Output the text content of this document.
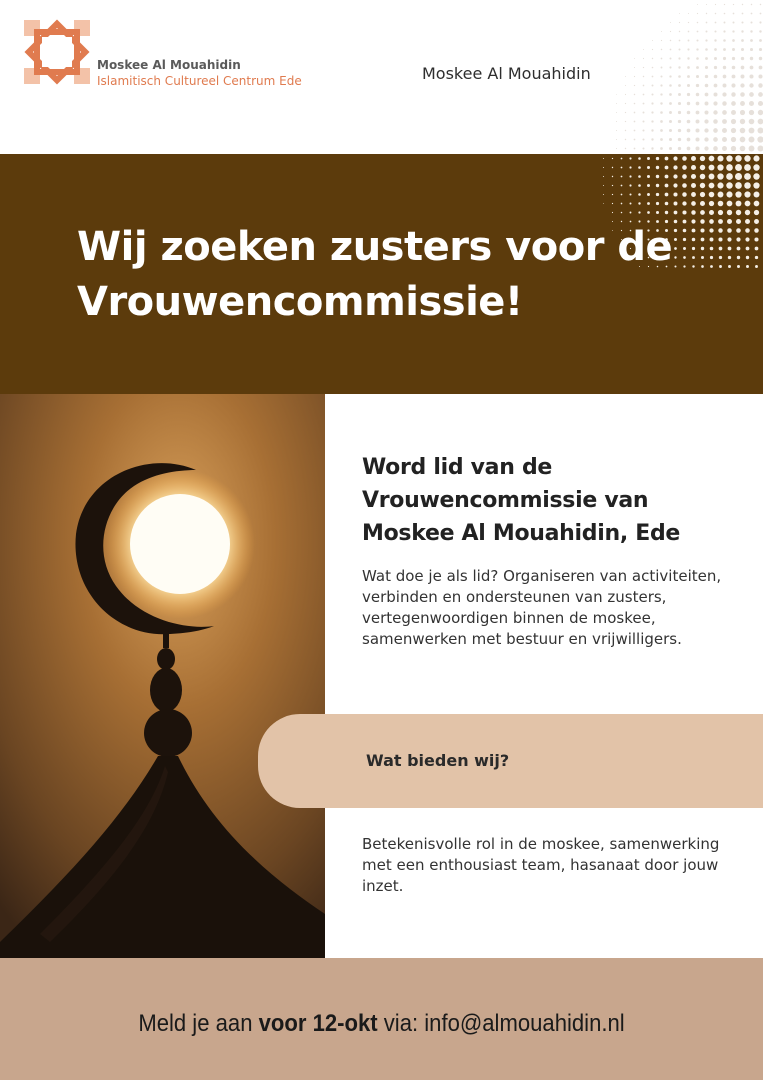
Moskee Al Mouahidin
Islamitisch Cultureel Centrum Ede	Moskee Al Mouahidin
Wij zoeken zusters voor de Vrouwencommissie!
Word lid van de Vrouwencommissie van Moskee Al Mouahidin, Ede

Wat doe je als lid? Organiseren van activiteiten, verbinden en ondersteunen van zusters, vertegenwoordigen binnen de moskee, samenwerken met bestuur en vrijwilligers.

Wat bieden wij?

Betekenisvolle rol in de moskee, samenwerking met een enthousiast team, hasanaat door jouw inzet.

Meld je aan voor 12-okt via: info@almouahidin.nl
